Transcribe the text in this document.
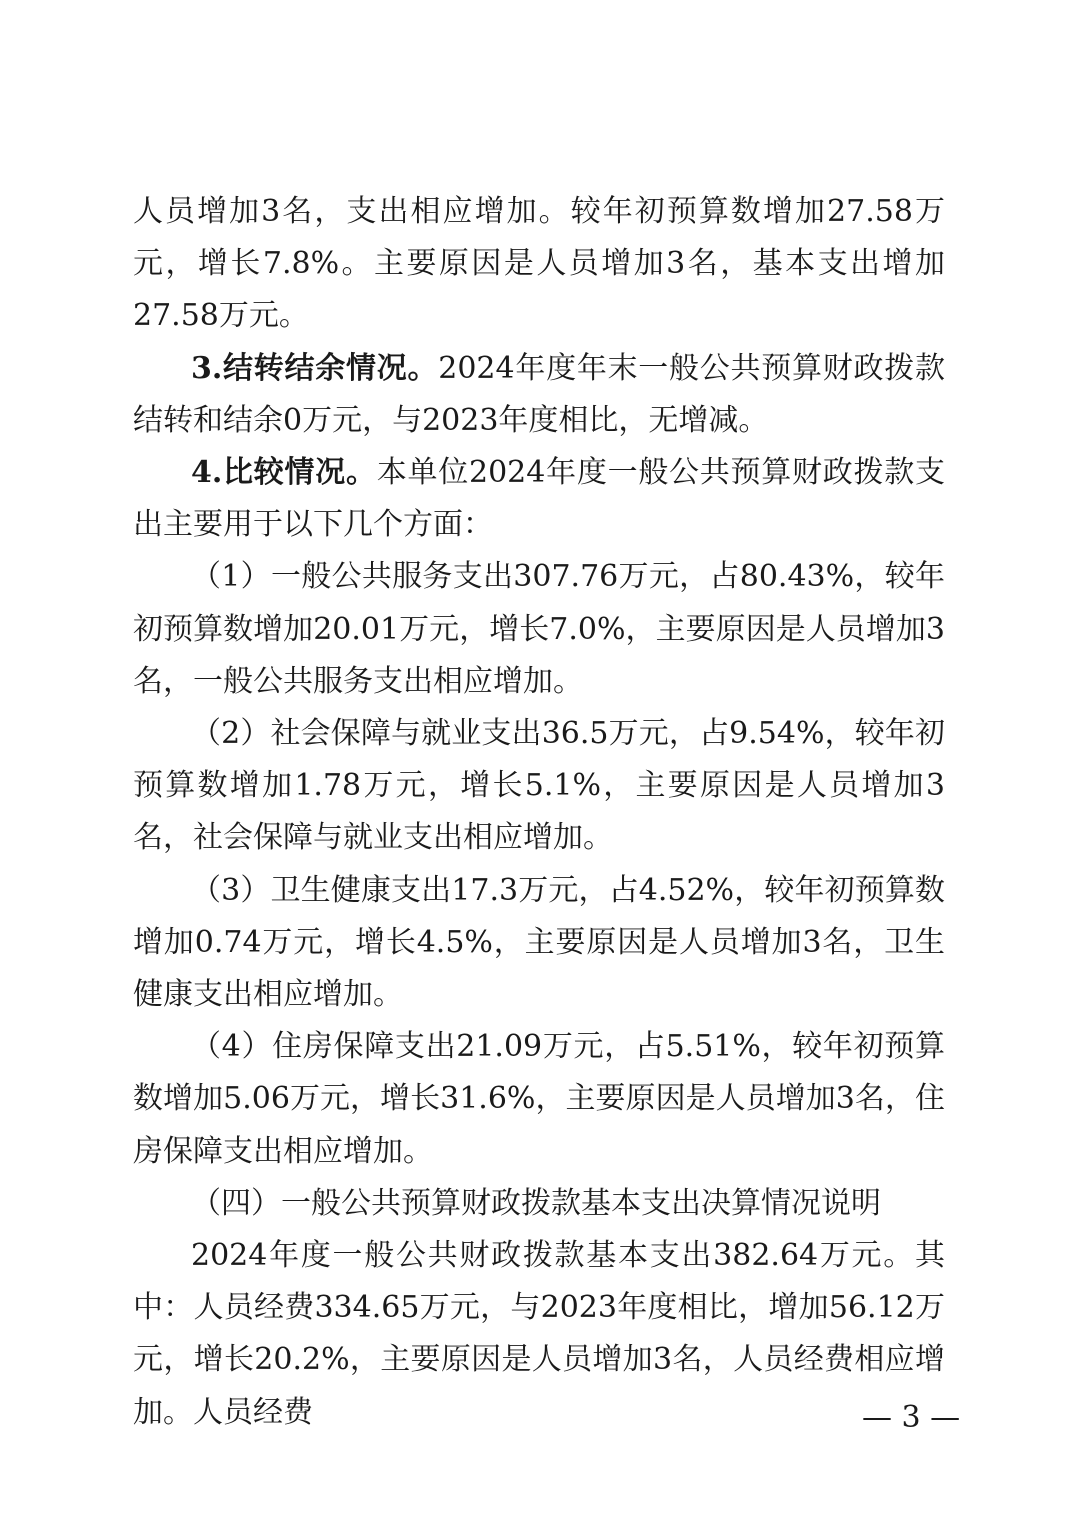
人员增加3名，支出相应增加。较年初预算数增加27.58万元，增长7.8%。主要原因是人员增加3名，基本支出增加27.58万元。

3.结转结余情况。2024年度年末一般公共预算财政拨款结转和结余0万元，与2023年度相比，无增减。

4.比较情况。本单位2024年度一般公共预算财政拨款支出主要用于以下几个方面：

（1）一般公共服务支出307.76万元，占80.43%，较年初预算数增加20.01万元，增长7.0%，主要原因是人员增加3名，一般公共服务支出相应增加。

（2）社会保障与就业支出36.5万元，占9.54%，较年初预算数增加1.78万元，增长5.1%，主要原因是人员增加3名，社会保障与就业支出相应增加。

（3）卫生健康支出17.3万元，占4.52%，较年初预算数增加0.74万元，增长4.5%，主要原因是人员增加3名，卫生健康支出相应增加。

（4）住房保障支出21.09万元，占5.51%，较年初预算数增加5.06万元，增长31.6%，主要原因是人员增加3名，住房保障支出相应增加。

（四）一般公共预算财政拨款基本支出决算情况说明

2024年度一般公共财政拨款基本支出382.64万元。其中：人员经费334.65万元，与2023年度相比，增加56.12万元，增长20.2%，主要原因是人员增加3名，人员经费相应增加。人员经费	— 3 —
